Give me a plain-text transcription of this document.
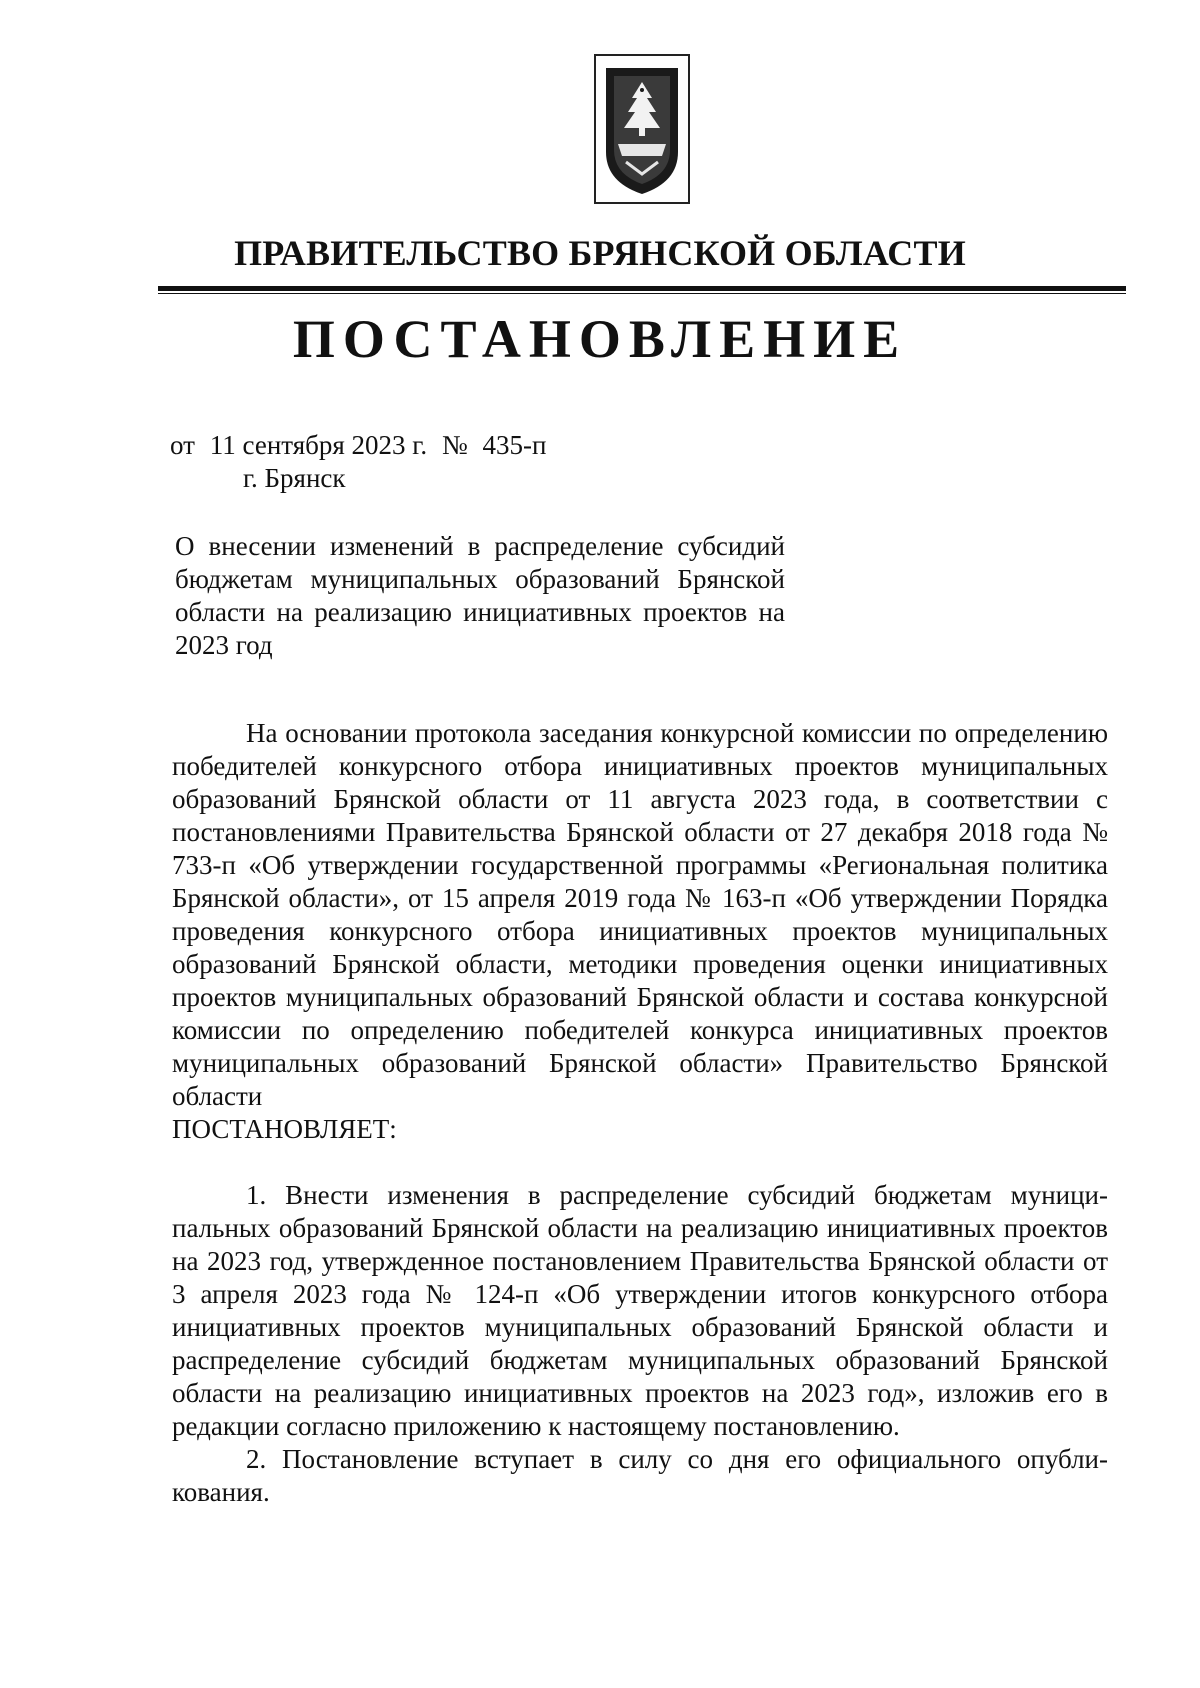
ПРАВИТЕЛЬСТВО БРЯНСКОЙ ОБЛАСТИ
ПОСТАНОВЛЕНИЕ
от 11 сентября 2023 г. № 435-п
г. Брянск
О внесении изменений в распределение субсидий бюджетам муниципальных образований Брянской области на реализацию инициативных проектов на 2023 год

На основании протокола заседания конкурсной комиссии по определению победителей конкурсного отбора инициативных проектов муниципальных образований Брянской области от 11 августа 2023 года, в соответствии с постановлениями Правительства Брянской области от 27 декабря 2018 года № 733-п «Об утверждении государственной программы «Региональная политика Брянской области», от 15 апреля 2019 года № 163-п «Об утверждении Порядка проведения конкурсного отбора инициативных проектов муниципальных образований Брянской области, методики проведения оценки инициативных проектов муниципальных образований Брянской области и состава конкурсной комиссии по определению победителей конкурса инициативных проектов муниципальных образований Брянской области» Правительство Брянской области

ПОСТАНОВЛЯЕТ:

1. Внести изменения в распределение субсидий бюджетам муниципальных образований Брянской области на реализацию инициативных проектов на 2023 год, утвержденное постановлением Правительства Брянской области от 3 апреля 2023 года № 124-п «Об утверждении итогов конкурсного отбора инициативных проектов муниципальных образований Брянской области и распределение субсидий бюджетам муниципальных образований Брянской области на реализацию инициативных проектов на 2023 год», изложив его в редакции согласно приложению к настоящему постановлению.

2. Постановление вступает в силу со дня его официального опубликования.
